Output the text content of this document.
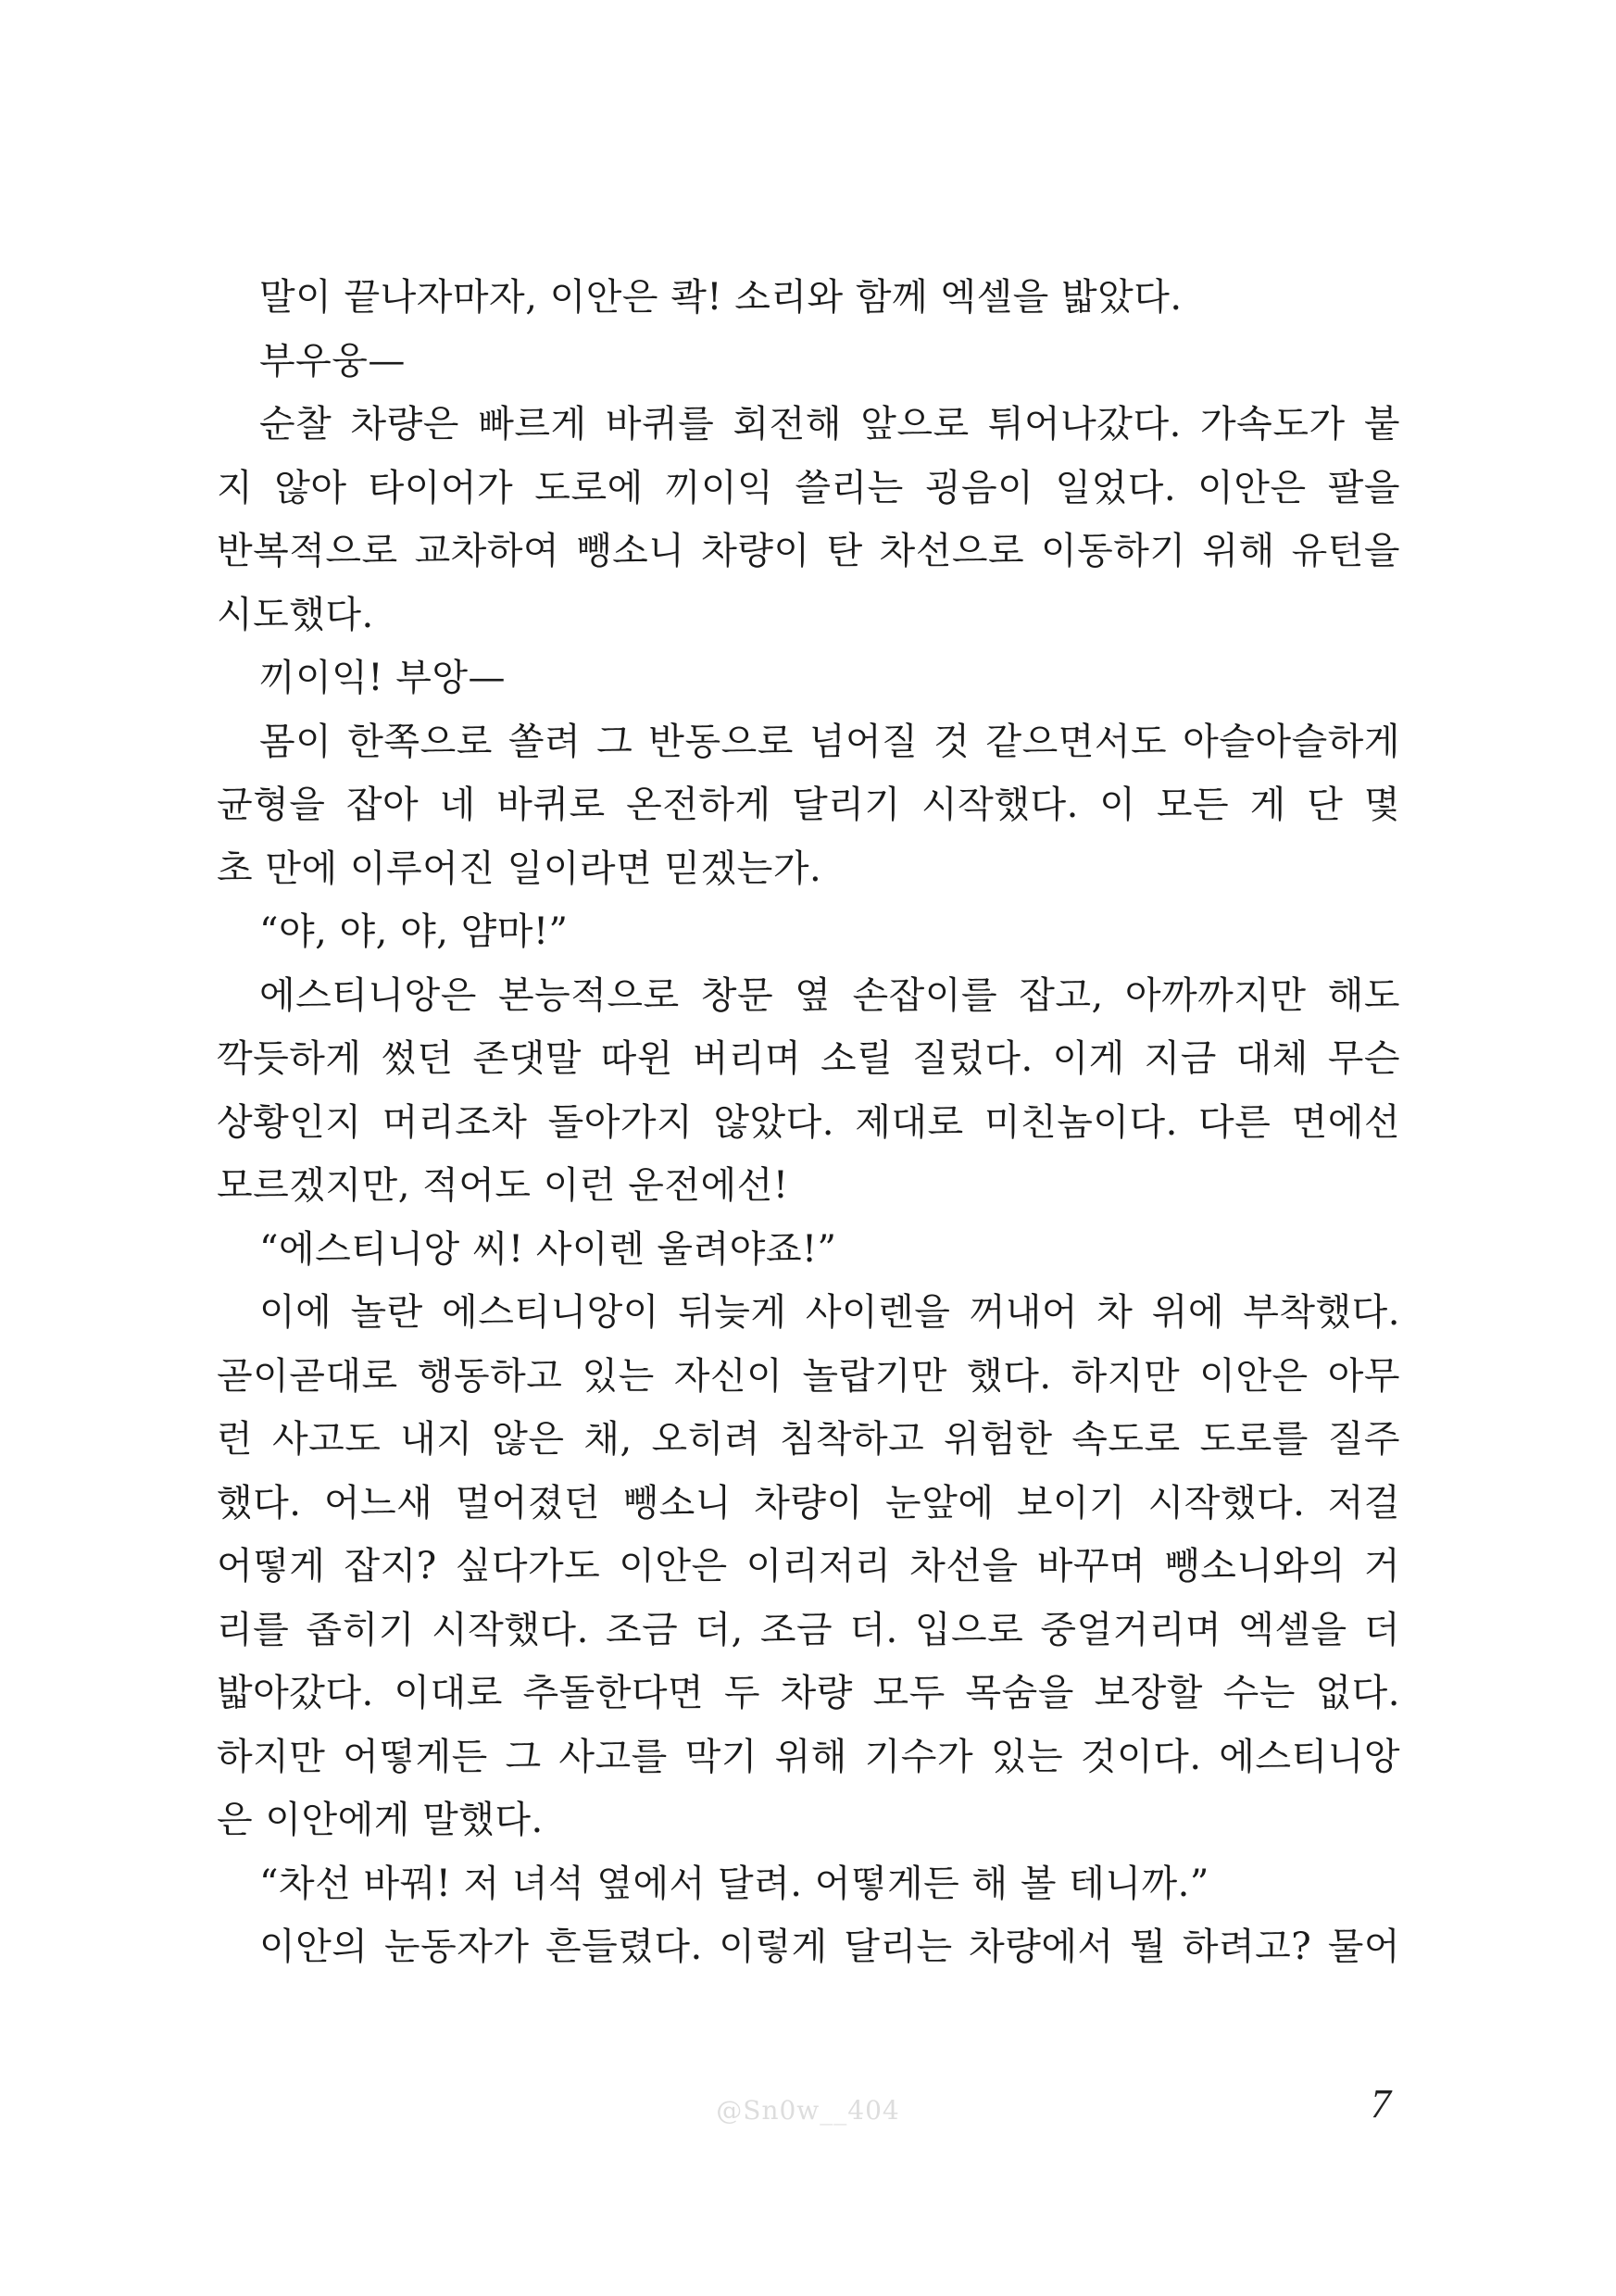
말이 끝나자마자, 이안은 콱! 소리와 함께 엑셀을 밟았다.
부우웅—
순찰 차량은 빠르게 바퀴를 회전해 앞으로 튀어나갔다. 가속도가 붙
지 않아 타이어가 도로에 끼이익 쓸리는 굉음이 일었다. 이안은 팔을
반복적으로 교차하여 뺑소니 차량이 탄 차선으로 이동하기 위해 유턴을
시도했다.
끼이익! 부앙—
몸이 한쪽으로 쏠려 그 반동으로 넘어질 것 같으면서도 아슬아슬하게
균형을 잡아 네 바퀴로 온전하게 달리기 시작했다. 이 모든 게 단 몇
초 만에 이루어진 일이라면 믿겠는가.
“야, 야, 야, 얌마!”
에스티니앙은 본능적으로 창문 옆 손잡이를 잡고, 아까까지만 해도
깍듯하게 썼던 존댓말 따윈 버리며 소릴 질렀다. 이게 지금 대체 무슨
상황인지 머리조차 돌아가지 않았다. 제대로 미친놈이다. 다른 면에선
모르겠지만, 적어도 이런 운전에선!
“에스티니앙 씨! 사이렌 울려야죠!”
이에 놀란 에스티니앙이 뒤늦게 사이렌을 꺼내어 차 위에 부착했다.
곧이곧대로 행동하고 있는 자신이 놀랍기만 했다. 하지만 이안은 아무
런 사고도 내지 않은 채, 오히려 침착하고 위험한 속도로 도로를 질주
했다. 어느새 멀어졌던 뺑소니 차량이 눈앞에 보이기 시작했다. 저걸
어떻게 잡지? 싶다가도 이안은 이리저리 차선을 바꾸며 뺑소니와의 거
리를 좁히기 시작했다. 조금 더, 조금 더. 입으로 중얼거리며 엑셀을 더
밟아갔다. 이대로 추돌한다면 두 차량 모두 목숨을 보장할 수는 없다.
하지만 어떻게든 그 사고를 막기 위해 기수가 있는 것이다. 에스티니앙
은 이안에게 말했다.
“차선 바꿔! 저 녀석 옆에서 달려. 어떻게든 해 볼 테니까.”
이안의 눈동자가 흔들렸다. 이렇게 달리는 차량에서 뭘 하려고? 물어
@Sn0w__404	7
